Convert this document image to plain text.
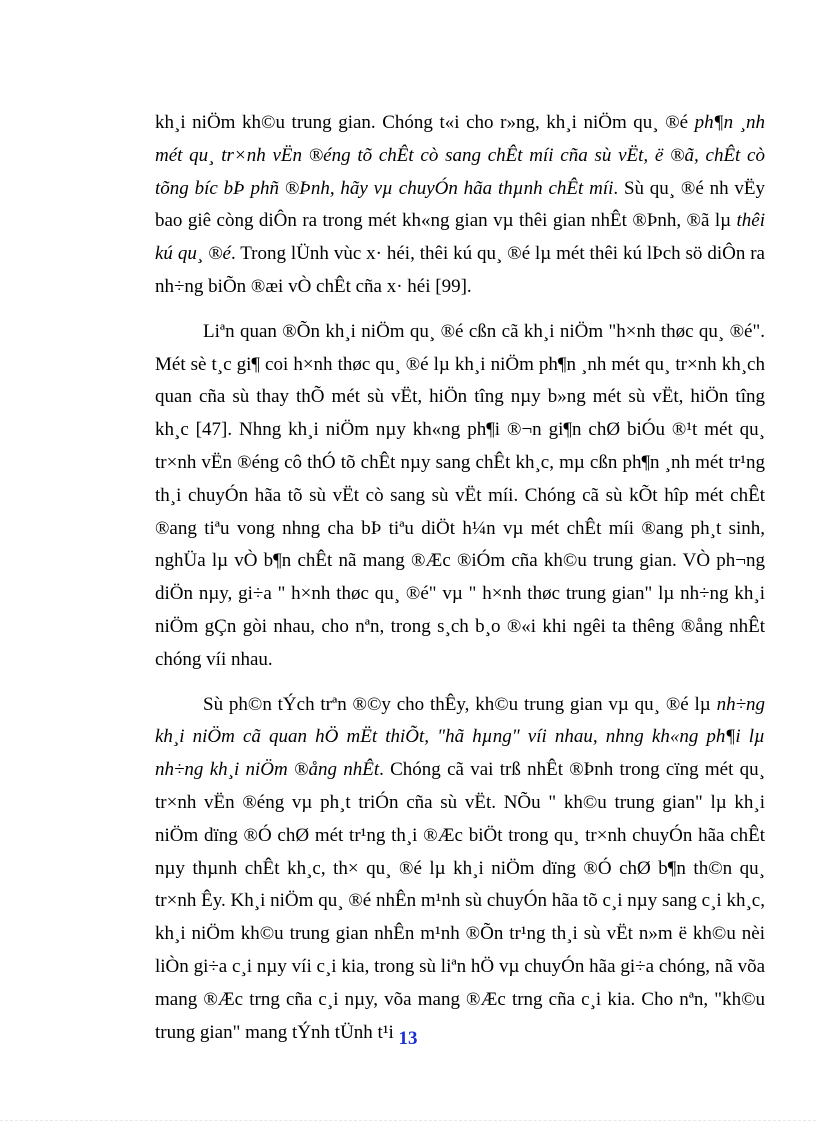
kh¸i niÖm kh©u trung gian. Chóng t«i cho r»ng, kh¸i niÖm qu¸ ®é ph¶n ¸nh mét qu¸ tr×nh vËn ®éng tõ chÊt cò sang chÊt míi cña sù vËt, ë ®ã, chÊt cò tõng bíc bÞ phñ ®Þnh, hãy vµ chuyÓn hãa thµnh chÊt míi. Sù qu¸ ®é nh vËy bao giê còng diÔn ra trong mét kh«ng gian vµ thêi gian nhÊt ®Þnh, ®ã lµ thêi kú qu¸ ®é. Trong lÜnh vùc x· héi, thêi kú qu¸ ®é lµ mét thêi kú lÞch sö diÔn ra nh÷ng biÕn ®æi vÒ chÊt cña x· héi [99].

Liªn quan ®Õn kh¸i niÖm qu¸ ®é cßn cã kh¸i niÖm "h×nh thøc qu¸ ®é". Mét sè t¸c gi¶ coi h×nh thøc qu¸ ®é lµ kh¸i niÖm ph¶n ¸nh mét qu¸ tr×nh kh¸ch quan cña sù thay thÕ mét sù vËt, hiÖn tîng nµy b»ng mét sù vËt, hiÖn tîng kh¸c [47]. Nhng kh¸i niÖm nµy kh«ng ph¶i ®¬n gi¶n chØ biÓu ®¹t mét qu¸ tr×nh vËn ®éng cô thÓ tõ chÊt nµy sang chÊt kh¸c, mµ cßn ph¶n ¸nh mét tr¹ng th¸i chuyÓn hãa tõ sù vËt cò sang sù vËt míi. Chóng cã sù kÕt hîp mét chÊt ®ang tiªu vong nhng cha bÞ tiªu diÖt h¼n vµ mét chÊt míi ®ang ph¸t sinh, nghÜa lµ vÒ b¶n chÊt nã mang ®Æc ®iÓm cña kh©u trung gian. VÒ ph¬ng diÖn nµy, gi÷a " h×nh thøc qu¸ ®é" vµ " h×nh thøc trung gian" lµ nh÷ng kh¸i niÖm gÇn gòi nhau, cho nªn, trong s¸ch b¸o ®«i khi ngêi ta thêng ®ång nhÊt chóng víi nhau.

Sù ph©n tÝch trªn ®©y cho thÊy, kh©u trung gian vµ qu¸ ®é lµ nh÷ng kh¸i niÖm cã quan hÖ mËt thiÕt, "hã hµng" víi nhau, nhng kh«ng ph¶i lµ nh÷ng kh¸i niÖm ®ång nhÊt. Chóng cã vai trß nhÊt ®Þnh trong cïng mét qu¸ tr×nh vËn ®éng vµ ph¸t triÓn cña sù vËt. NÕu " kh©u trung gian" lµ kh¸i niÖm dïng ®Ó chØ mét tr¹ng th¸i ®Æc biÖt trong qu¸ tr×nh chuyÓn hãa chÊt nµy thµnh chÊt kh¸c, th× qu¸ ®é lµ kh¸i niÖm dïng ®Ó chØ b¶n th©n qu¸ tr×nh Êy. Kh¸i niÖm qu¸ ®é nhÊn m¹nh sù chuyÓn hãa tõ c¸i nµy sang c¸i kh¸c, kh¸i niÖm kh©u trung gian nhÊn m¹nh ®Õn tr¹ng th¸i sù vËt n»m ë kh©u nèi liÒn gi÷a c¸i nµy víi c¸i kia, trong sù liªn hÖ vµ chuyÓn hãa gi÷a chóng, nã võa mang ®Æc trng cña c¸i nµy, võa mang ®Æc trng cña c¸i kia. Cho nªn, "kh©u trung gian" mang tÝnh tÜnh t¹i 13
